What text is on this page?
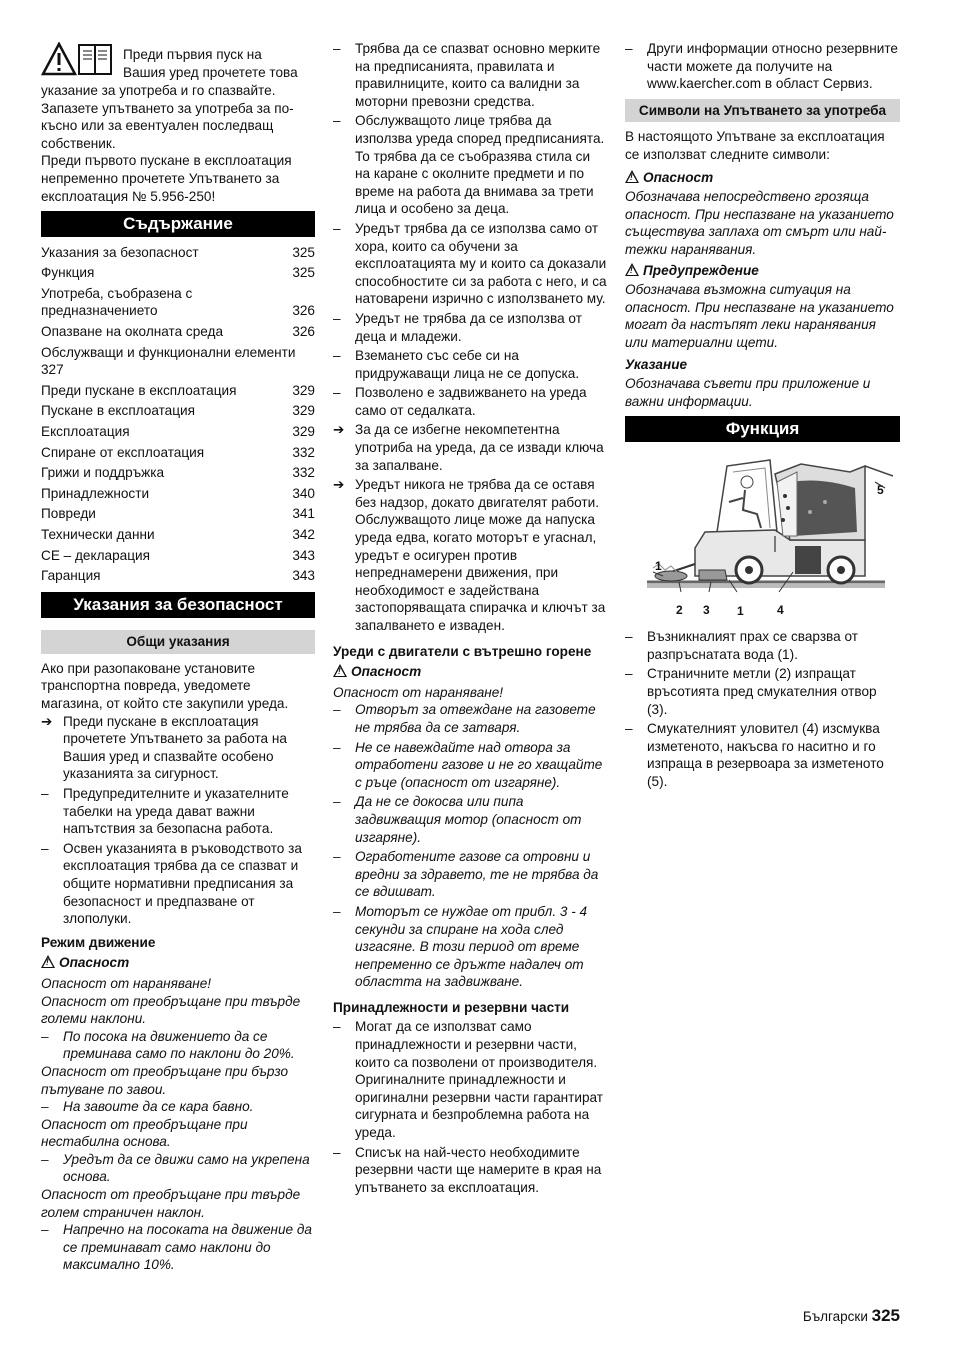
Преди първия пуск на

Вашия уред прочетете това

указание за употреба и го спазвайте. Запазете упътването за употреба за по-късно или за евентуален последващ собственик.

Преди първото пускане в експлоатация непременно прочетете Упътването за експлоатация № 5.956-250!

Съдържание
Указания за безопасност	325
Функция	325
Употреба, съобразена с предназначението	326
Опазване на околната среда	326
Обслужващи и функционални елементи 327
Преди пускане в експлоатация	329
Пускане в експлоатация	329
Експлоатация	329
Спиране от експлоатация	332
Грижи и поддръжка	332
Принадлежности	340
Повреди	341
Технически данни	342
CE – декларация	343
Гаранция	343
Указания за безопасност
Общи указания

Ако при разопаковане установите транспортна повреда, уведомете магазина, от който сте закупили уреда.

➔ Преди пускане в експлоатация прочетете Упътването за работа на Вашия уред и спазвайте особено указанията за сигурност.
– Предупредителните и указателните табелки на уреда дават важни напътствия за безопасна работа.
– Освен указанията в ръководството за експлоатация трябва да се спазват и общите нормативни предписания за безопасност и предпазване от злополуки.

Режим движение

!Опасност

Опасност от нараняване!

Опасност от преобръщане при твърде големи наклони.

– По посока на движението да се преминава само по наклони до 20%.

Опасност от преобръщане при бързо пътуване по завои.

– На завоите да се кара бавно.

Опасност от преобръщане при нестабилна основа.

– Уредът да се движи само на укрепена основа.

Опасност от преобръщане при твърде голем страничен наклон.

– Напречно на посоката на движение да се преминават само наклони до максимално 10%.
– Трябва да се спазват основно мерките на предписанията, правилата и правилниците, които са валидни за моторни превозни средства.
– Обслужващото лице трябва да използва уреда според предписанията. То трябва да се съобразява стила си на каране с околните предмети и по време на работа да внимава за трети лица и особено за деца.
– Уредът трябва да се използва само от хора, които са обучени за експлоатацията му и които са доказали способностите си за работа с него, и са натоварени изрично с използването му.
– Уредът не трябва да се използва от деца и младежи.
– Вземането със себе си на придружаващи лица не се допуска.
– Позволено е задвижването на уреда само от седалката.
➔ За да се избегне некомпетентна употриба на уреда, да се извади ключа за запалване.
➔ Уредът никога не трябва да се оставя без надзор, докато двигателят работи. Обслужващото лице може да напуска уреда едва, когато моторът е угаснал, уредът е осигурен против непреднамерени движения, при необходимост е задействана застопоряващата спирачка и ключът за запалването е изваден.

Уреди с двигатели с вътрешно горене

!Опасност

Опасност от нараняване!

– Отворът за отвеждане на газовете не трябва да се затваря.
– Не се навеждайте над отвора за отработени газове и не го хващайте с ръце (опасност от изгаряне).
– Да не се докосва или пипа задвижващия мотор (опасност от изгаряне).
– Огработените газове са отровни и вредни за здравето, те не трябва да се вдишват.
– Моторът се нуждае от прибл. 3 - 4 секунди за спиране на хода след изгасяне. В този период от време непременно се дръжте надалеч от областта на задвижване.

Принадлежности и резервни части

– Могат да се използват само принадлежности и резервни части, които са позволени от производителя. Оригиналните принадлежности и оригинални резервни части гарантират сигурната и безпроблемна работа на уреда.
– Списък на най-често необходимите резервни части ще намерите в края на упътването за експлоатация.
– Други информации относно резервните части можете да получите на www.kaercher.com в област Сервиз.
Символи на Упътването за употреба

В настоящото Упътване за експлоатация се използват следните символи:

!Опасност

Обозначава непосредствено грозяща опасност. При неспазване на указанието съществува заплаха от смърт или най-тежки наранявания.

!Предупреждение

Обозначава възможна ситуация на опасност. При неспазване на указанието могат да настъпят леки наранявания или материални щети.

Указание

Обозначава съвети при приложение и важни информации.

Функция
5
1
2 3 1	4
– Възникналият прах се сварзва от разпръснатата вода (1).
– Страничните метли (2) изпращат връсотията пред смукателния отвор (3).
– Смукателният уловител (4) изсмуква изметеното, накъсва го наситно и го изпраща в резервоара за изметеното (5).
Български 325
